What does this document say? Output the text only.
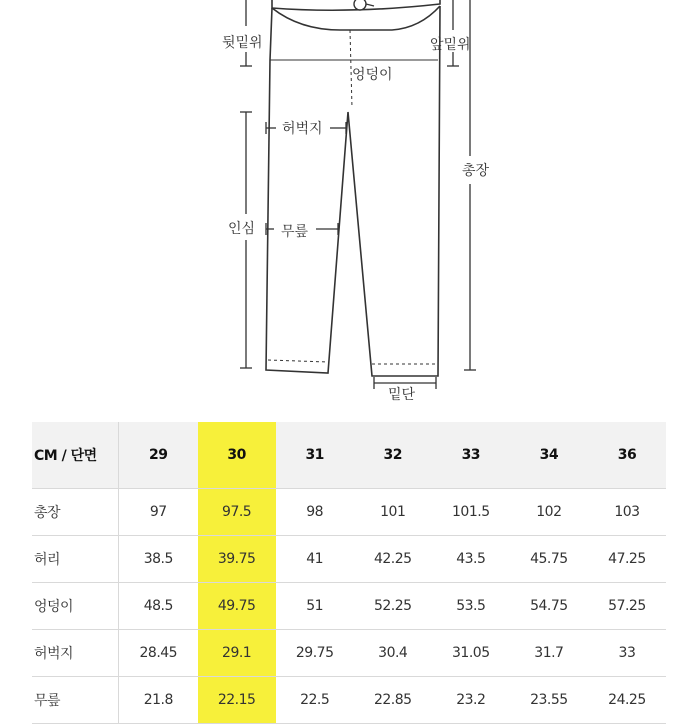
뒷밑위	앞밑위
엉덩이
허벅지
총장
인심 무릎
밑단
CM / 단면	29	30	31	32	33	34	36
총장	97	97.5	98	101	101.5	102	103
허리	38.5	39.75	41	42.25	43.5	45.75	47.25
엉덩이	48.5	49.75	51	52.25	53.5	54.75	57.25
허벅지	28.45	29.1	29.75	30.4	31.05	31.7	33
무릎	21.8	22.15	22.5	22.85	23.2	23.55	24.25
